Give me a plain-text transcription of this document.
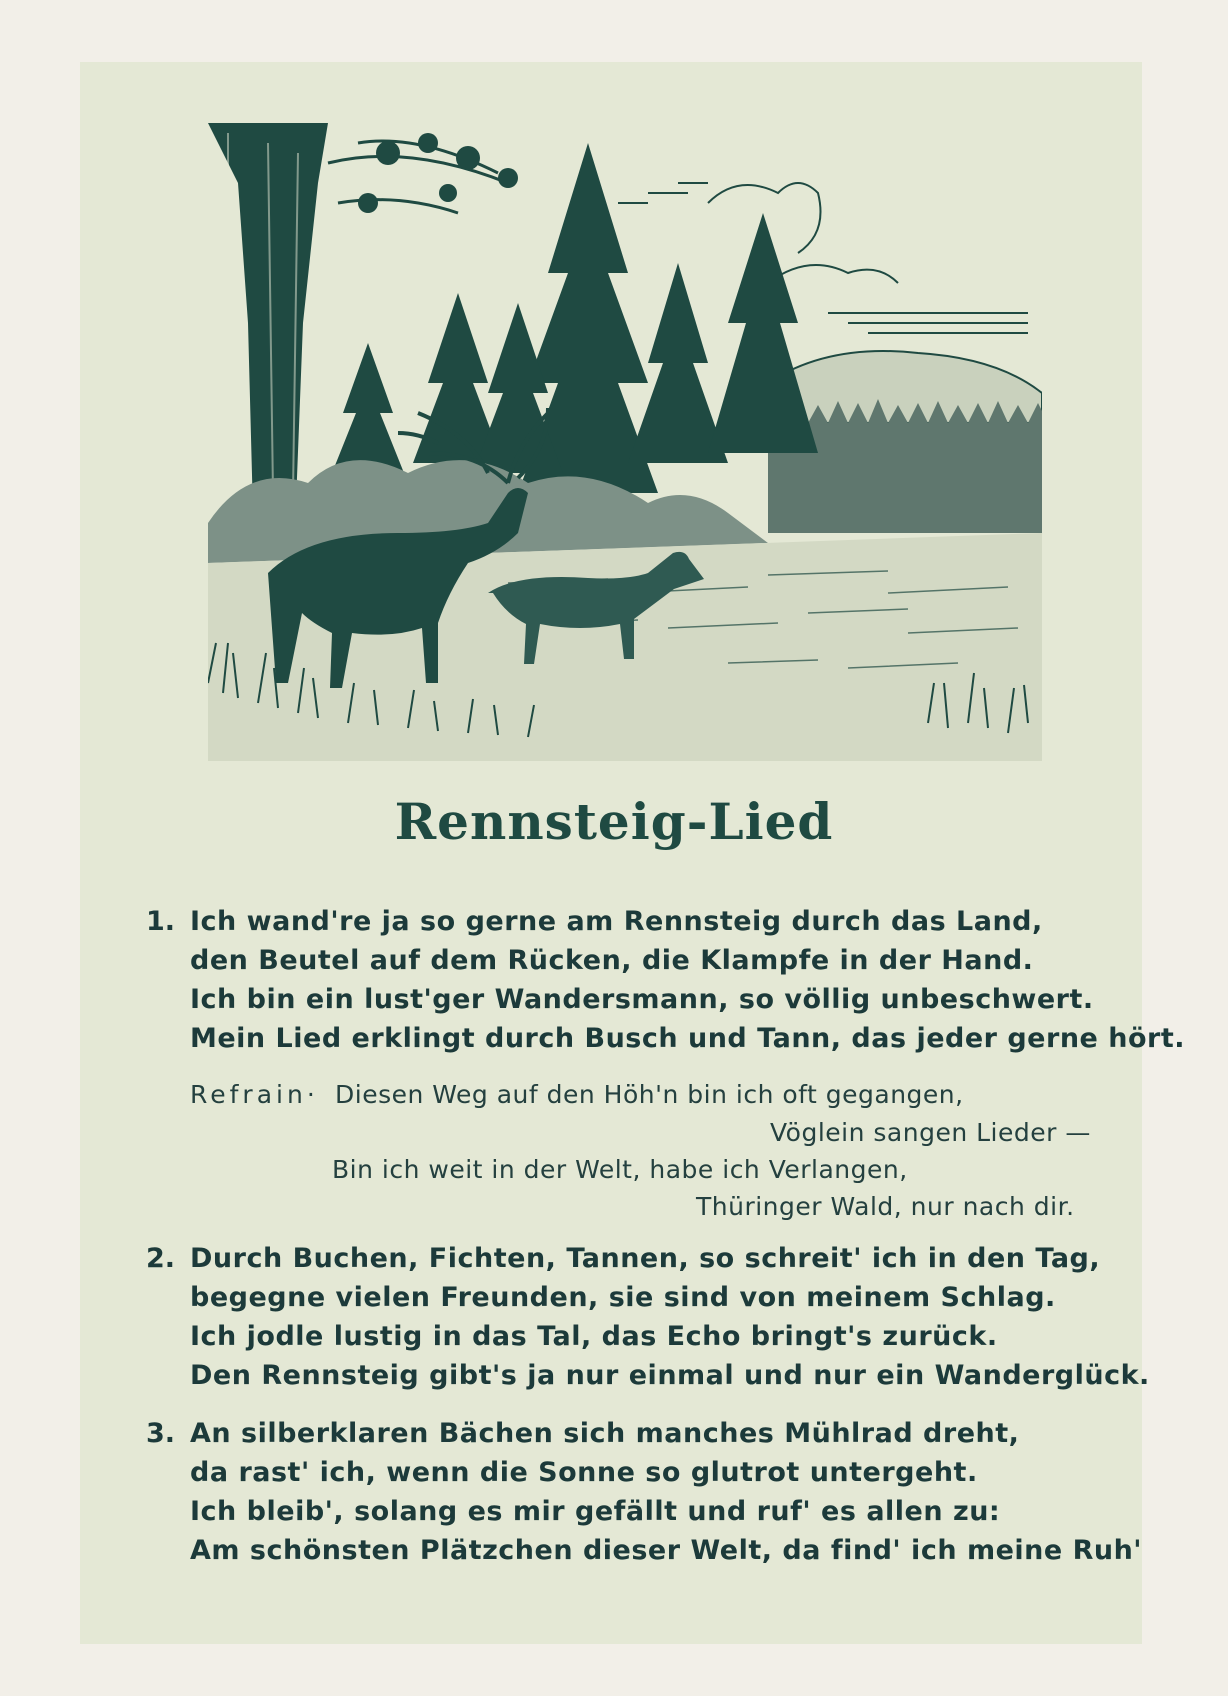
Rennsteig-Lied
1. Ich wand're ja so gerne am Rennsteig durch das Land,
den Beutel auf dem Rücken, die Klampfe in der Hand.
Ich bin ein lust'ger Wandersmann, so völlig unbeschwert.
Mein Lied erklingt durch Busch und Tann, das jeder gerne hört.
Refrain· Diesen Weg auf den Höh'n bin ich oft gegangen,
Vöglein sangen Lieder —
Bin ich weit in der Welt, habe ich Verlangen,
Thüringer Wald, nur nach dir.
2. Durch Buchen, Fichten, Tannen, so schreit' ich in den Tag,
begegne vielen Freunden, sie sind von meinem Schlag.
Ich jodle lustig in das Tal, das Echo bringt's zurück.
Den Rennsteig gibt's ja nur einmal und nur ein Wanderglück.
3. An silberklaren Bächen sich manches Mühlrad dreht,
da rast' ich, wenn die Sonne so glutrot untergeht.
Ich bleib', solang es mir gefällt und ruf' es allen zu:
Am schönsten Plätzchen dieser Welt, da find' ich meine Ruh'
